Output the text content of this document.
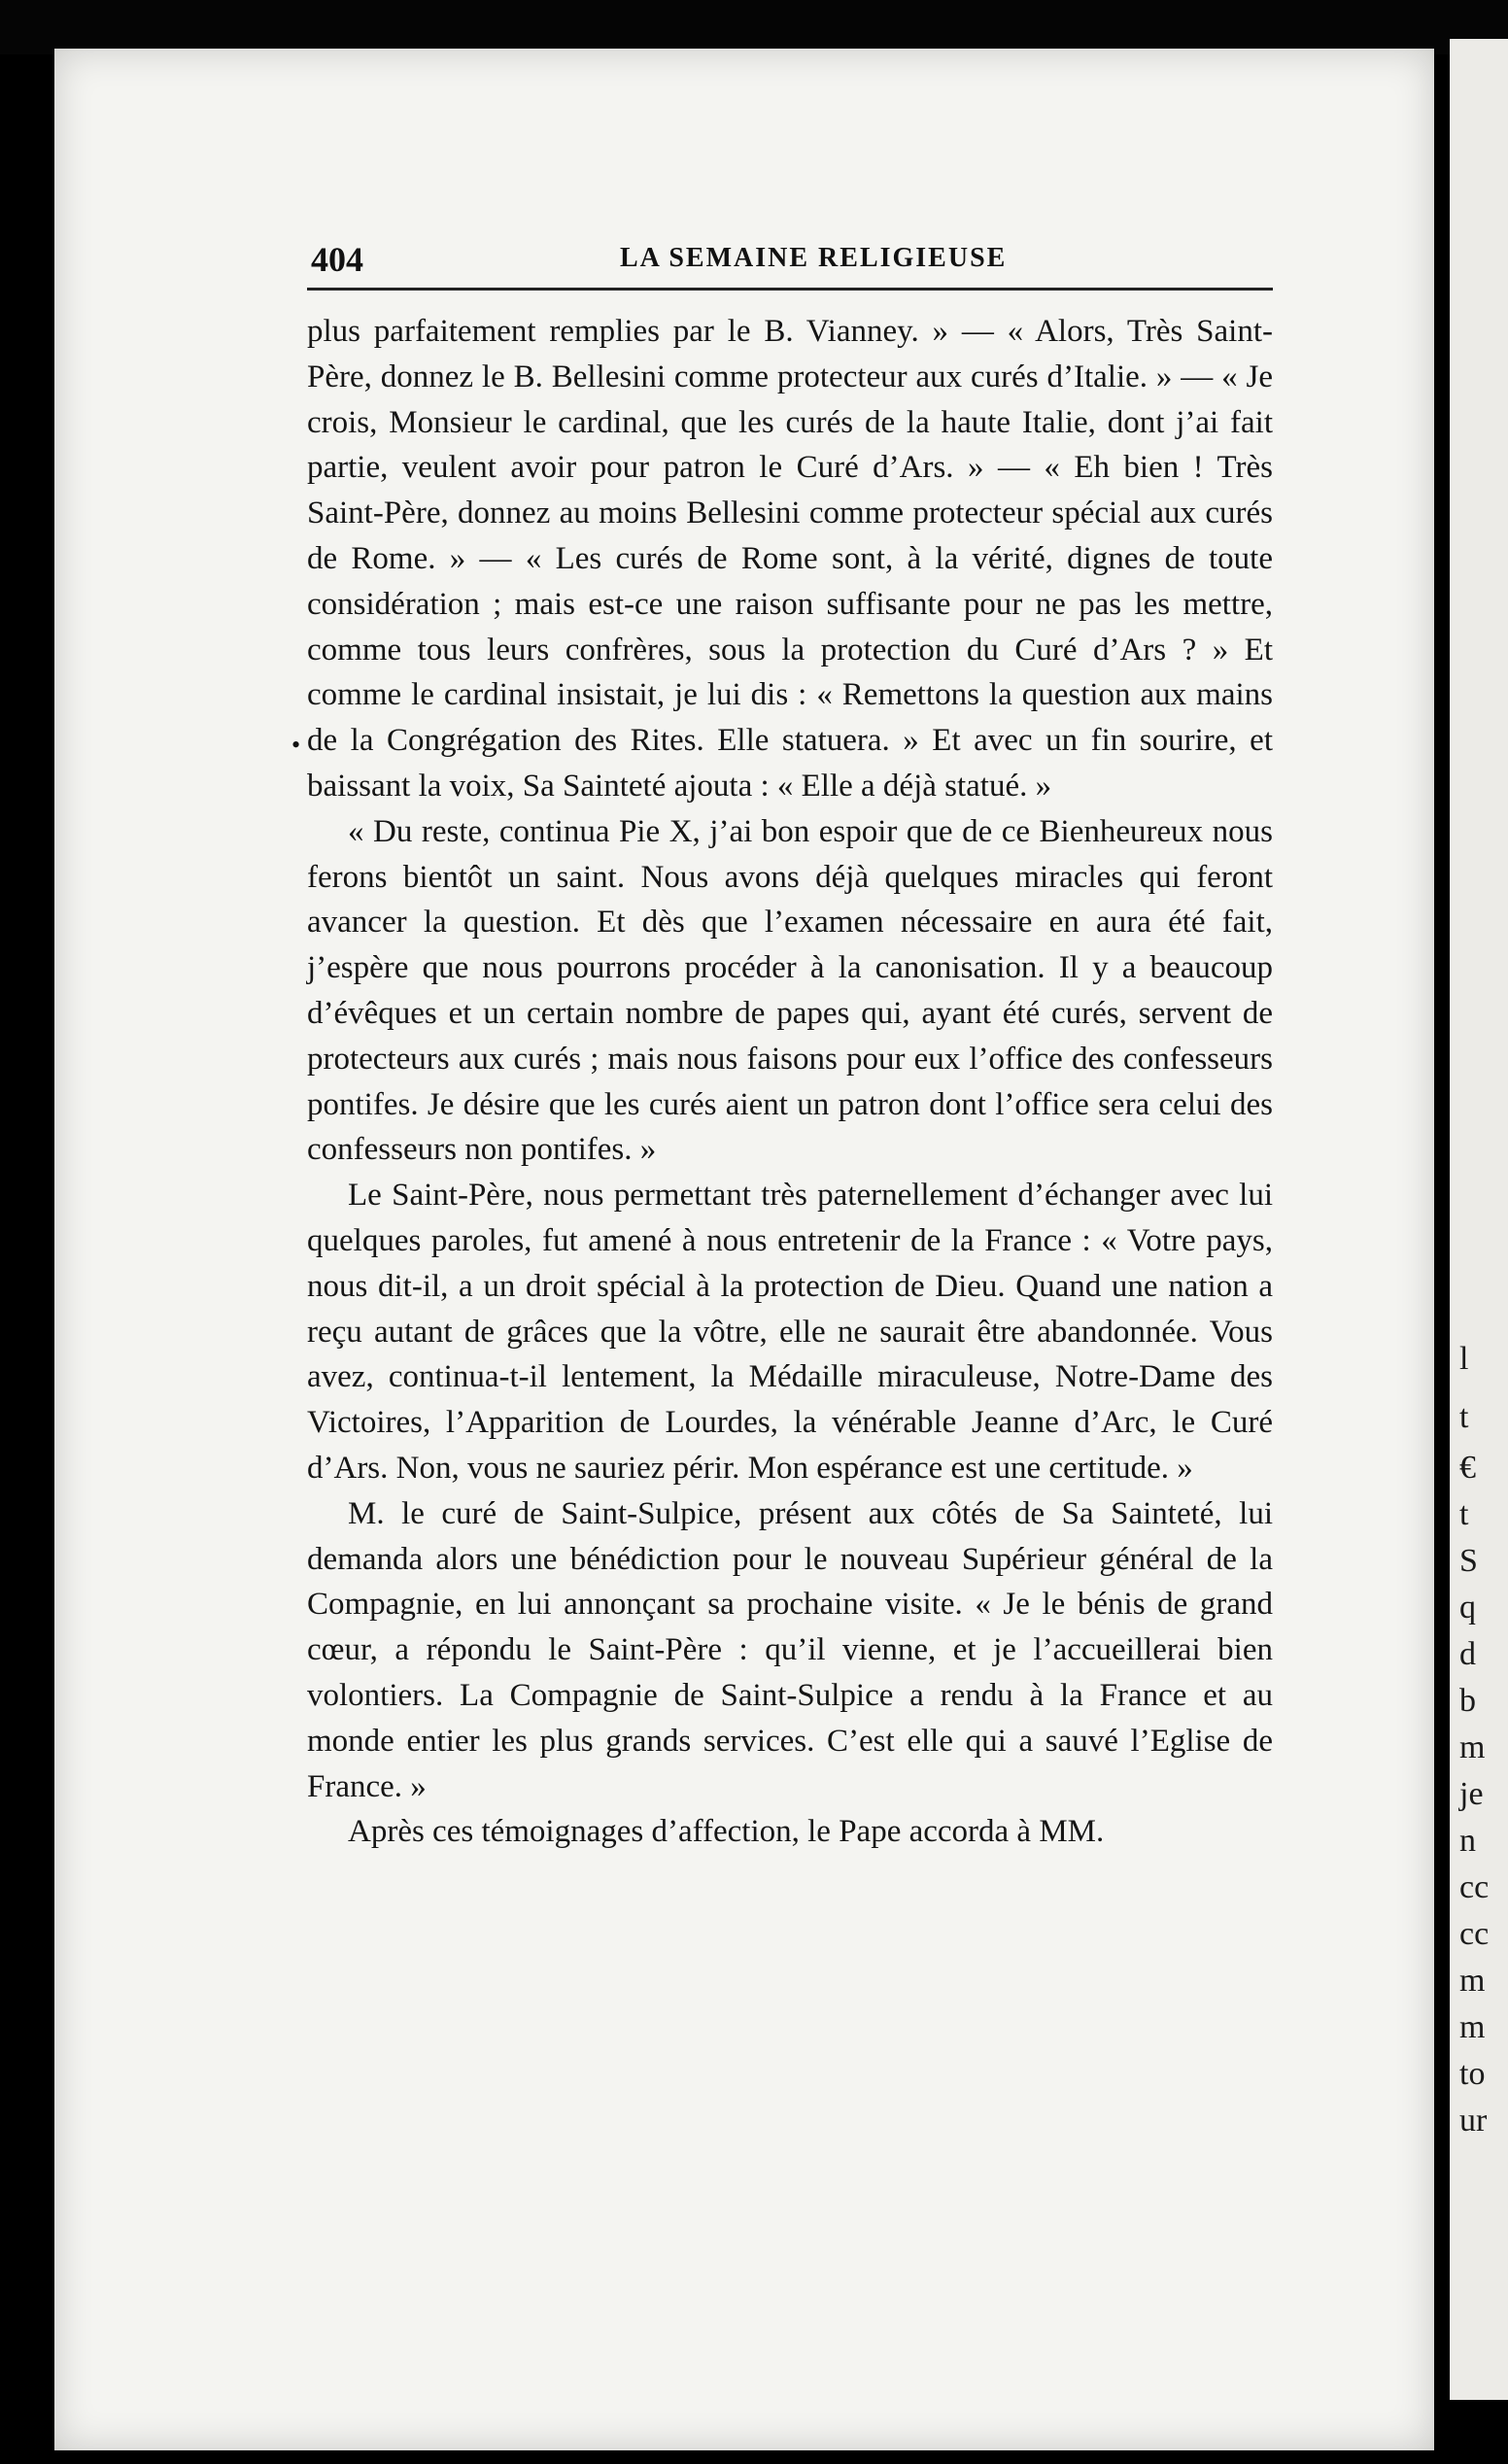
l
t
€
t
S
q
d
b
m
je
n
cc
cc
m
m
to
ur
404	LA SEMAINE RELIGIEUSE
•

plus parfaitement remplies par le B. Vianney. » — « Alors, Très Saint-Père, donnez le B. Bellesini comme protecteur aux curés d’Italie. » — « Je crois, Monsieur le cardinal, que les curés de la haute Italie, dont j’ai fait partie, veulent avoir pour patron le Curé d’Ars. » — « Eh bien ! Très Saint-Père, donnez au moins Bellesini comme protecteur spécial aux curés de Rome. » — « Les curés de Rome sont, à la vérité, dignes de toute considération ; mais est-ce une raison suffisante pour ne pas les mettre, comme tous leurs confrères, sous la protection du Curé d’Ars ? » Et comme le cardinal insistait, je lui dis : « Remettons la question aux mains de la Congrégation des Rites. Elle statuera. » Et avec un fin sourire, et baissant la voix, Sa Sainteté ajouta : « Elle a déjà statué. »

« Du reste, continua Pie X, j’ai bon espoir que de ce Bienheureux nous ferons bientôt un saint. Nous avons déjà quelques miracles qui feront avancer la question. Et dès que l’examen nécessaire en aura été fait, j’espère que nous pourrons procéder à la canonisation. Il y a beaucoup d’évêques et un certain nombre de papes qui, ayant été curés, servent de protecteurs aux curés ; mais nous faisons pour eux l’office des confesseurs pontifes. Je désire que les curés aient un patron dont l’office sera celui des confesseurs non pontifes. »

Le Saint-Père, nous permettant très paternellement d’échanger avec lui quelques paroles, fut amené à nous entretenir de la France : « Votre pays, nous dit-il, a un droit spécial à la protection de Dieu. Quand une nation a reçu autant de grâces que la vôtre, elle ne saurait être abandonnée. Vous avez, continua-t-il lentement, la Médaille miraculeuse, Notre-Dame des Victoires, l’Apparition de Lourdes, la vénérable Jeanne d’Arc, le Curé d’Ars. Non, vous ne sauriez périr. Mon espérance est une certitude. »

M. le curé de Saint-Sulpice, présent aux côtés de Sa Sainteté, lui demanda alors une bénédiction pour le nouveau Supérieur général de la Compagnie, en lui annonçant sa prochaine visite. « Je le bénis de grand cœur, a répondu le Saint-Père : qu’il vienne, et je l’accueillerai bien volontiers. La Compagnie de Saint-Sulpice a rendu à la France et au monde entier les plus grands services. C’est elle qui a sauvé l’Eglise de France. »

Après ces témoignages d’affection, le Pape accorda à MM.
